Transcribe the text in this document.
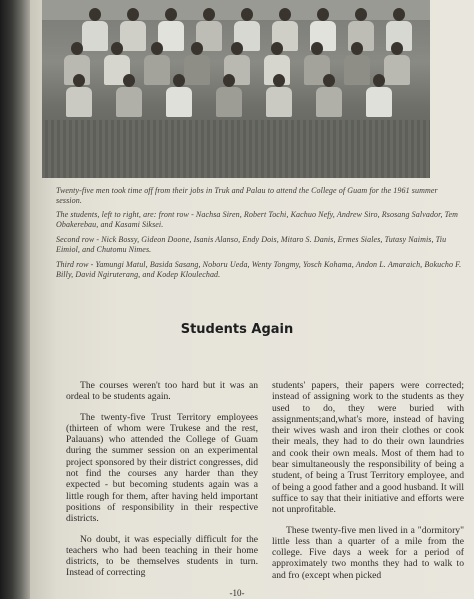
Twenty-five men took time off from their jobs in Truk and Palau to attend the College of Guam for the 1961 summer session.
The students, left to right, are: front row - Nachsa Siren, Robert Tochi, Kachuo Nefy, Andrew Siro, Rsosang Salvador, Tem Obakerebau, and Kasami Siksei.
Second row - Nick Bossy, Gideon Doone, Isanis Alanso, Endy Dois, Mitaro S. Danis, Ermes Siales, Tutasy Naimis, Tiu Eimiol, and Chutomu Nimes.
Third row - Yamungi Matul, Basida Sasang, Noboru Ueda, Wenty Tongmy, Yosch Kohama, Andon L. Amaraich, Bokucho F. Billy, David Ngiruterang, and Kodep Kloulechad.
Students Again

The courses weren't too hard but it was an ordeal to be students again.

The twenty-five Trust Territory employees (thirteen of whom were Trukese and the rest, Palauans) who attended the College of Guam during the summer session on an experimental project sponsored by their district congresses, did not find the courses any harder than they expected - but becoming students again was a little rough for them, after having held important positions of responsibility in their respective districts.

No doubt, it was especially difficult for the teachers who had been teaching in their home districts, to be themselves students in turn. Instead of correcting

students' papers, their papers were corrected; instead of assigning work to the students as they used to do, they were buried with assignments;and,what's more, instead of having their wives wash and iron their clothes or cook their meals, they had to do their own laundries and cook their own meals. Most of them had to bear simultaneously the responsibility of being a student, of being a Trust Territory employee, and of being a good father and a good husband. It will suffice to say that their initiative and efforts were not unprofitable.

These twenty-five men lived in a "dormitory" little less than a quarter of a mile from the college. Five days a week for a period of approximately two months they had to walk to and fro (except when picked

-10-
